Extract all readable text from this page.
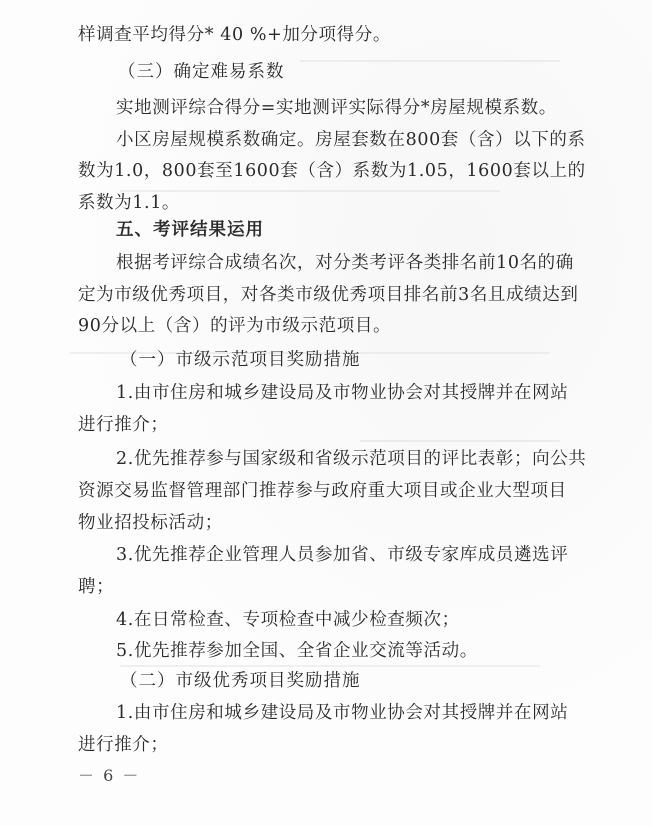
样调查平均得分* 40 %+加分项得分。
（三）确定难易系数
实地测评综合得分=实地测评实际得分*房屋规模系数。
小区房屋规模系数确定。房屋套数在800套（含）以下的系
数为1.0，800套至1600套（含）系数为1.05，1600套以上的
系数为1.1。
五、考评结果运用
根据考评综合成绩名次，对分类考评各类排名前10名的确
定为市级优秀项目，对各类市级优秀项目排名前3名且成绩达到
90分以上（含）的评为市级示范项目。
（一）市级示范项目奖励措施
1.由市住房和城乡建设局及市物业协会对其授牌并在网站
进行推介；
2.优先推荐参与国家级和省级示范项目的评比表彰；向公共
资源交易监督管理部门推荐参与政府重大项目或企业大型项目
物业招投标活动；
3.优先推荐企业管理人员参加省、市级专家库成员遴选评
聘；
4.在日常检查、专项检查中减少检查频次；
5.优先推荐参加全国、全省企业交流等活动。
（二）市级优秀项目奖励措施
1.由市住房和城乡建设局及市物业协会对其授牌并在网站
进行推介；
－ 6 －
